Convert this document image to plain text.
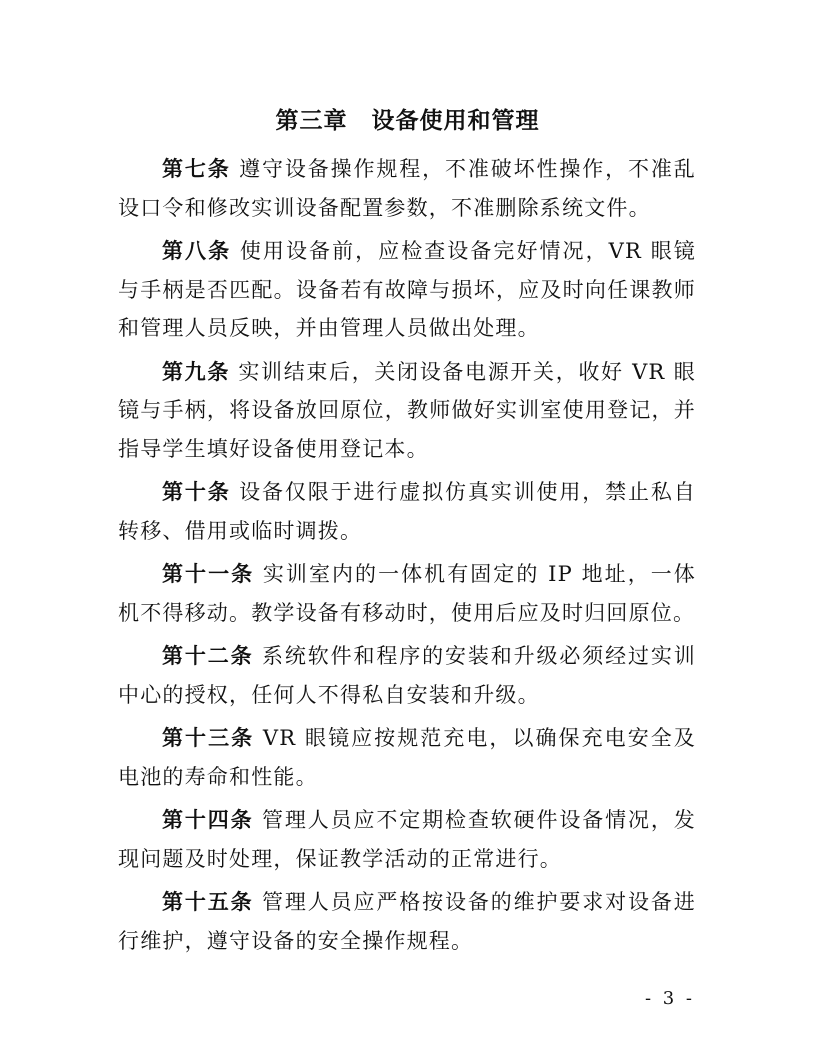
第三章　设备使用和管理

第七条 遵守设备操作规程，不准破坏性操作，不准乱设口令和修改实训设备配置参数，不准删除系统文件。

第八条 使用设备前，应检查设备完好情况，VR 眼镜与手柄是否匹配。设备若有故障与损坏，应及时向任课教师和管理人员反映，并由管理人员做出处理。

第九条 实训结束后，关闭设备电源开关，收好 VR 眼镜与手柄，将设备放回原位，教师做好实训室使用登记，并指导学生填好设备使用登记本。

第十条 设备仅限于进行虚拟仿真实训使用，禁止私自转移、借用或临时调拨。

第十一条 实训室内的一体机有固定的 IP 地址，一体机不得移动。教学设备有移动时，使用后应及时归回原位。

第十二条 系统软件和程序的安装和升级必须经过实训中心的授权，任何人不得私自安装和升级。

第十三条 VR 眼镜应按规范充电，以确保充电安全及电池的寿命和性能。

第十四条 管理人员应不定期检查软硬件设备情况，发现问题及时处理，保证教学活动的正常进行。

第十五条 管理人员应严格按设备的维护要求对设备进行维护，遵守设备的安全操作规程。

- 3 -
